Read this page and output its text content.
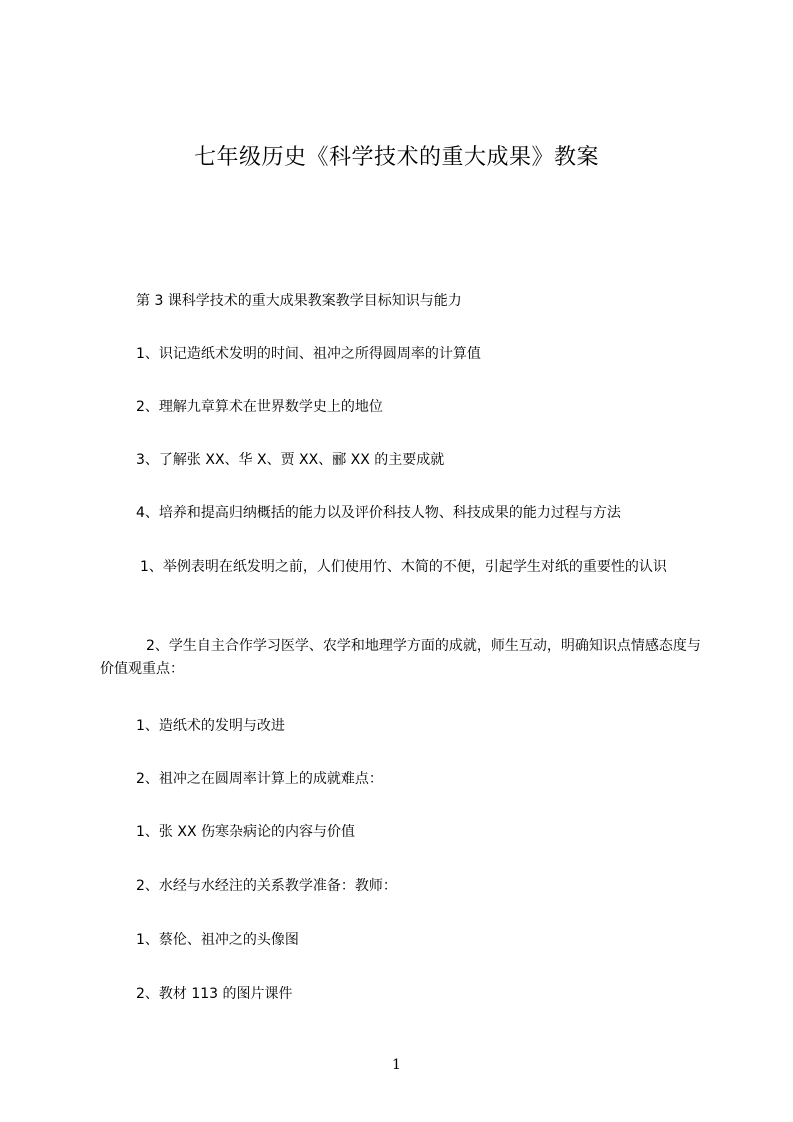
七年级历史《科学技术的重大成果》教案

第 3 课科学技术的重大成果教案教学目标知识与能力

1、识记造纸术发明的时间、祖冲之所得圆周率的计算值

2、理解九章算术在世界数学史上的地位

3、了解张 XX、华 X、贾 XX、郦 XX 的主要成就

4、培养和提高归纳概括的能力以及评价科技人物、科技成果的能力过程与方法

1、举例表明在纸发明之前，人们使用竹、木简的不便，引起学生对纸的重要性的认识

2、学生自主合作学习医学、农学和地理学方面的成就，师生互动，明确知识点情感态度与价值观重点：

1、造纸术的发明与改进

2、祖冲之在圆周率计算上的成就难点：

1、张 XX 伤寒杂病论的内容与价值

2、水经与水经注的关系教学准备：教师：

1、蔡伦、祖冲之的头像图

2、教材 113 的图片课件

1
